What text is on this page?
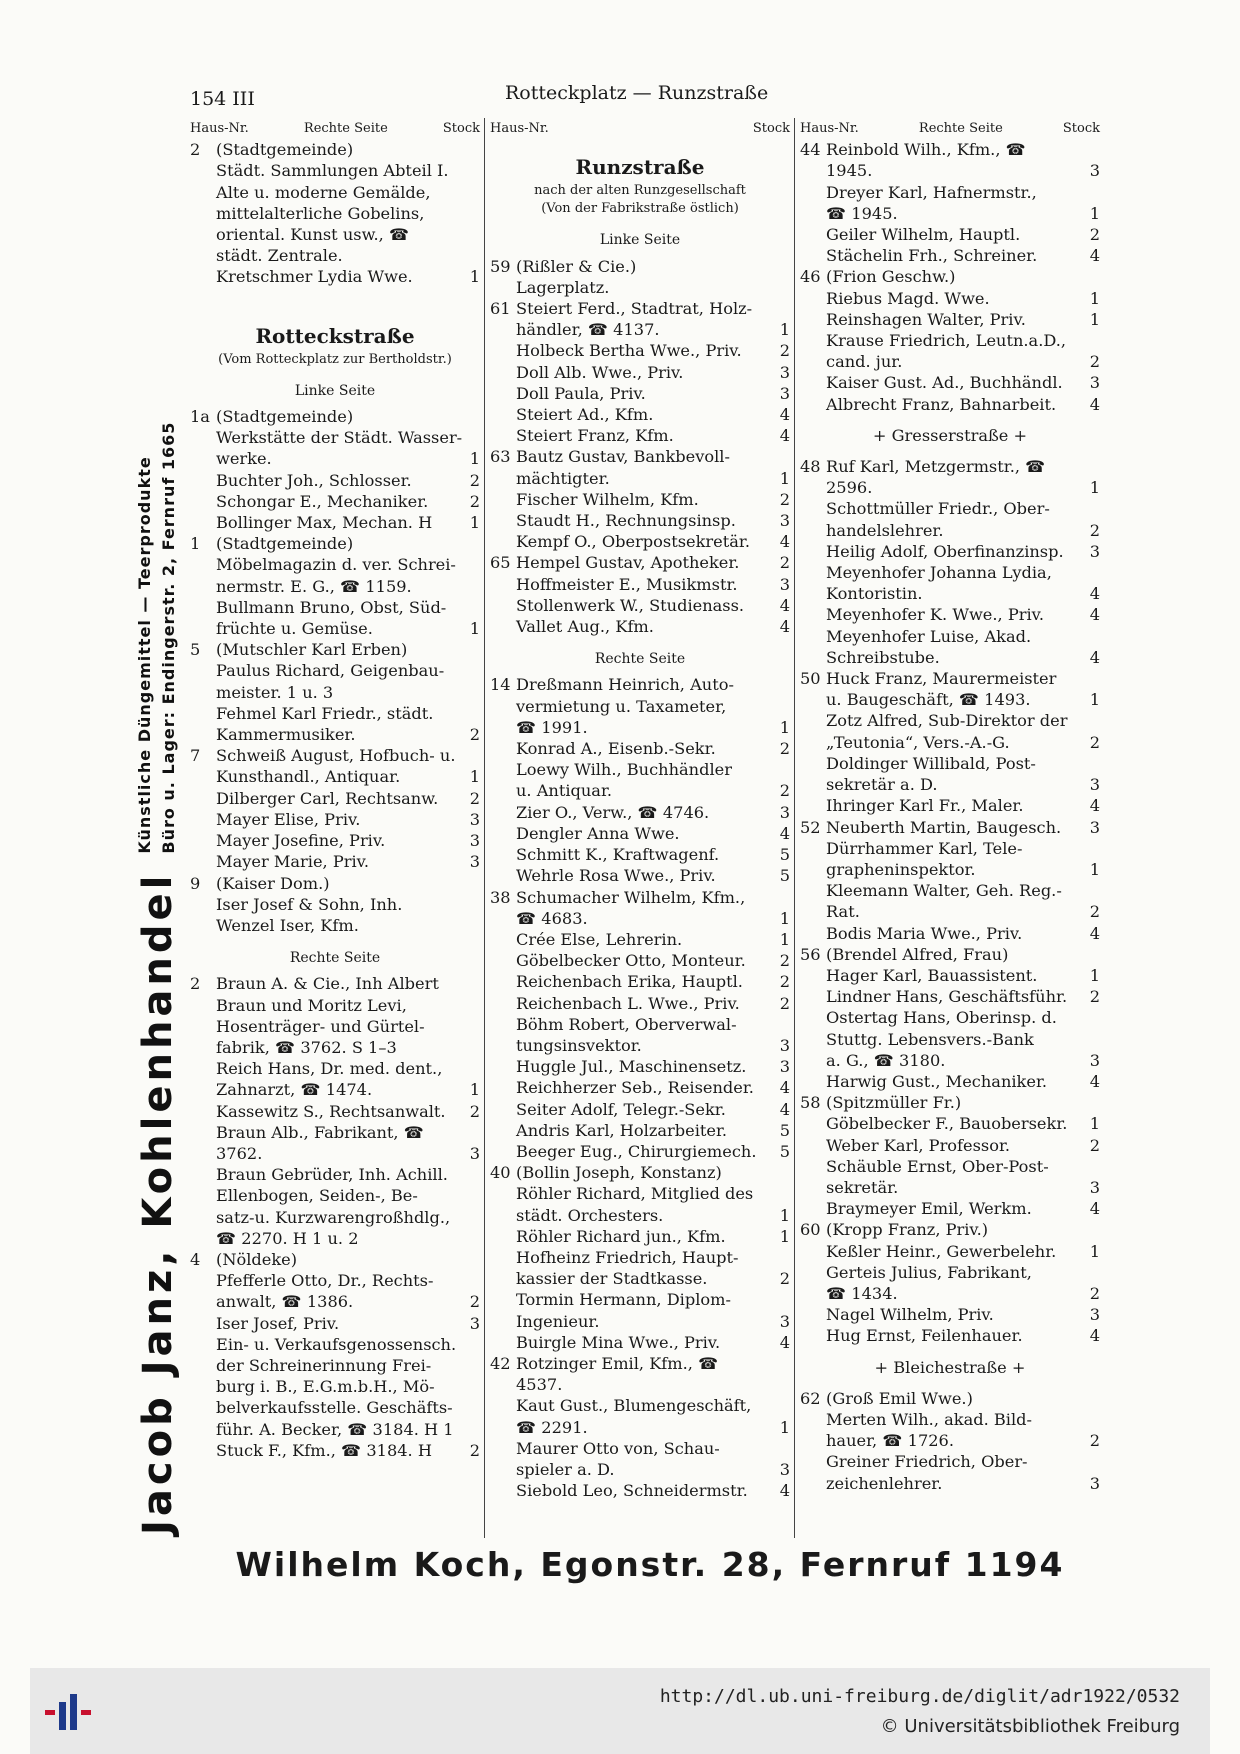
154 III	Rotteckplatz — Runzstraße
Jacob Janz, Kohlenhandel
Künstliche Düngemittel — Teerprodukte Büro u. Lager: Endingerstr. 2, Fernruf 1665
Haus-Nr.	Rechte Seite	Stock
2 (Stadtgemeinde)
Städt. Sammlungen Abteil I.
Alte u. moderne Gemälde,
mittelalterliche Gobelins,
oriental. Kunst usw., ☎
städt. Zentrale.
Kretschmer Lydia Wwe.	1
Rotteckstraße
(Vom Rotteckplatz zur Bertholdstr.)
Linke Seite
1a (Stadtgemeinde)
Werkstätte der Städt. Wasser-
werke.	1
Buchter Joh., Schlosser.	2
Schongar E., Mechaniker.	2
Bollinger Max, Mechan. H	1
1 (Stadtgemeinde)
Möbelmagazin d. ver. Schrei-
nermstr. E. G., ☎ 1159.
Bullmann Bruno, Obst, Süd-
früchte u. Gemüse.	1
5 (Mutschler Karl Erben)
Paulus Richard, Geigenbau-
meister. 1 u. 3
Fehmel Karl Friedr., städt.
Kammermusiker.	2
7 Schweiß August, Hofbuch- u.
Kunsthandl., Antiquar.	1
Dilberger Carl, Rechtsanw.	2
Mayer Elise, Priv.	3
Mayer Josefine, Priv.	3
Mayer Marie, Priv.	3
9 (Kaiser Dom.)
Iser Josef & Sohn, Inh.
Wenzel Iser, Kfm.
Rechte Seite
2 Braun A. & Cie., Inh Albert
Braun und Moritz Levi,
Hosenträger- und Gürtel-
fabrik, ☎ 3762. S 1–3
Reich Hans, Dr. med. dent.,
Zahnarzt, ☎ 1474.	1
Kassewitz S., Rechtsanwalt.	2
Braun Alb., Fabrikant, ☎
3762.	3
Braun Gebrüder, Inh. Achill.
Ellenbogen, Seiden-, Be-
satz-u. Kurzwarengroßhdlg.,
☎ 2270. H 1 u. 2
4 (Nöldeke)
Pfefferle Otto, Dr., Rechts-
anwalt, ☎ 1386.	2
Iser Josef, Priv.	3
Ein- u. Verkaufsgenossensch.
der Schreinerinnung Frei-
burg i. B., E.G.m.b.H., Mö-
belverkaufsstelle. Geschäfts-
führ. A. Becker, ☎ 3184. H 1
Stuck F., Kfm., ☎ 3184. H	2
Haus-Nr.	Stock
Runzstraße
nach der alten Runzgesellschaft
(Von der Fabrikstraße östlich)
Linke Seite
59 (Rißler & Cie.)
Lagerplatz.
61 Steiert Ferd., Stadtrat, Holz-
händler, ☎ 4137.	1
Holbeck Bertha Wwe., Priv.	2
Doll Alb. Wwe., Priv.	3
Doll Paula, Priv.	3
Steiert Ad., Kfm.	4
Steiert Franz, Kfm.	4
63 Bautz Gustav, Bankbevoll-
mächtigter.	1
Fischer Wilhelm, Kfm.	2
Staudt H., Rechnungsinsp.	3
Kempf O., Oberpostsekretär.	4
65 Hempel Gustav, Apotheker.	2
Hoffmeister E., Musikmstr.	3
Stollenwerk W., Studienass.	4
Vallet Aug., Kfm.	4
Rechte Seite
14 Dreßmann Heinrich, Auto-
vermietung u. Taxameter,
☎ 1991.	1
Konrad A., Eisenb.-Sekr.	2
Loewy Wilh., Buchhändler
u. Antiquar.	2
Zier O., Verw., ☎ 4746.	3
Dengler Anna Wwe.	4
Schmitt K., Kraftwagenf.	5
Wehrle Rosa Wwe., Priv.	5
38 Schumacher Wilhelm, Kfm.,
☎ 4683.	1
Crée Else, Lehrerin.	1
Göbelbecker Otto, Monteur.	2
Reichenbach Erika, Hauptl.	2
Reichenbach L. Wwe., Priv.	2
Böhm Robert, Oberverwal-
tungsinsvektor.	3
Huggle Jul., Maschinensetz.	3
Reichherzer Seb., Reisender.	4
Seiter Adolf, Telegr.-Sekr.	4
Andris Karl, Holzarbeiter.	5
Beeger Eug., Chirurgiemech.	5
40 (Bollin Joseph, Konstanz)
Röhler Richard, Mitglied des
städt. Orchesters.	1
Röhler Richard jun., Kfm.	1
Hofheinz Friedrich, Haupt-
kassier der Stadtkasse.	2
Tormin Hermann, Diplom-
Ingenieur.	3
Buirgle Mina Wwe., Priv.	4
42 Rotzinger Emil, Kfm., ☎
4537.
Kaut Gust., Blumengeschäft,
☎ 2291.	1
Maurer Otto von, Schau-
spieler a. D.	3
Siebold Leo, Schneidermstr.	4
Haus-Nr.	Rechte Seite	Stock
44 Reinbold Wilh., Kfm., ☎
1945.	3
Dreyer Karl, Hafnermstr.,
☎ 1945.	1
Geiler Wilhelm, Hauptl.	2
Stächelin Frh., Schreiner.	4
46 (Frion Geschw.)
Riebus Magd. Wwe.	1
Reinshagen Walter, Priv.	1
Krause Friedrich, Leutn.a.D.,
cand. jur.	2
Kaiser Gust. Ad., Buchhändl.	3
Albrecht Franz, Bahnarbeit.	4
+ Gresserstraße +
48 Ruf Karl, Metzgermstr., ☎
2596.	1
Schottmüller Friedr., Ober-
handelslehrer.	2
Heilig Adolf, Oberfinanzinsp.	3
Meyenhofer Johanna Lydia,
Kontoristin.	4
Meyenhofer K. Wwe., Priv.	4
Meyenhofer Luise, Akad.
Schreibstube.	4
50 Huck Franz, Maurermeister
u. Baugeschäft, ☎ 1493.	1
Zotz Alfred, Sub-Direktor der
„Teutonia“, Vers.-A.-G.	2
Doldinger Willibald, Post-
sekretär a. D.	3
Ihringer Karl Fr., Maler.	4
52 Neuberth Martin, Baugesch.	3
Dürrhammer Karl, Tele-
grapheninspektor.	1
Kleemann Walter, Geh. Reg.-
Rat.	2
Bodis Maria Wwe., Priv.	4
56 (Brendel Alfred, Frau)
Hager Karl, Bauassistent.	1
Lindner Hans, Geschäftsführ.	2
Ostertag Hans, Oberinsp. d.
Stuttg. Lebensvers.-Bank
a. G., ☎ 3180.	3
Harwig Gust., Mechaniker.	4
58 (Spitzmüller Fr.)
Göbelbecker F., Bauobersekr.	1
Weber Karl, Professor.	2
Schäuble Ernst, Ober-Post-
sekretär.	3
Braymeyer Emil, Werkm.	4
60 (Kropp Franz, Priv.)
Keßler Heinr., Gewerbelehr.	1
Gerteis Julius, Fabrikant,
☎ 1434.	2
Nagel Wilhelm, Priv.	3
Hug Ernst, Feilenhauer.	4
+ Bleichestraße +
62 (Groß Emil Wwe.)
Merten Wilh., akad. Bild-
hauer, ☎ 1726.	2
Greiner Friedrich, Ober-
zeichenlehrer.	3
Wilhelm Koch, Egonstr. 28, Fernruf 1194
http://dl.ub.uni-freiburg.de/diglit/adr1922/0532
© Universitätsbibliothek Freiburg
